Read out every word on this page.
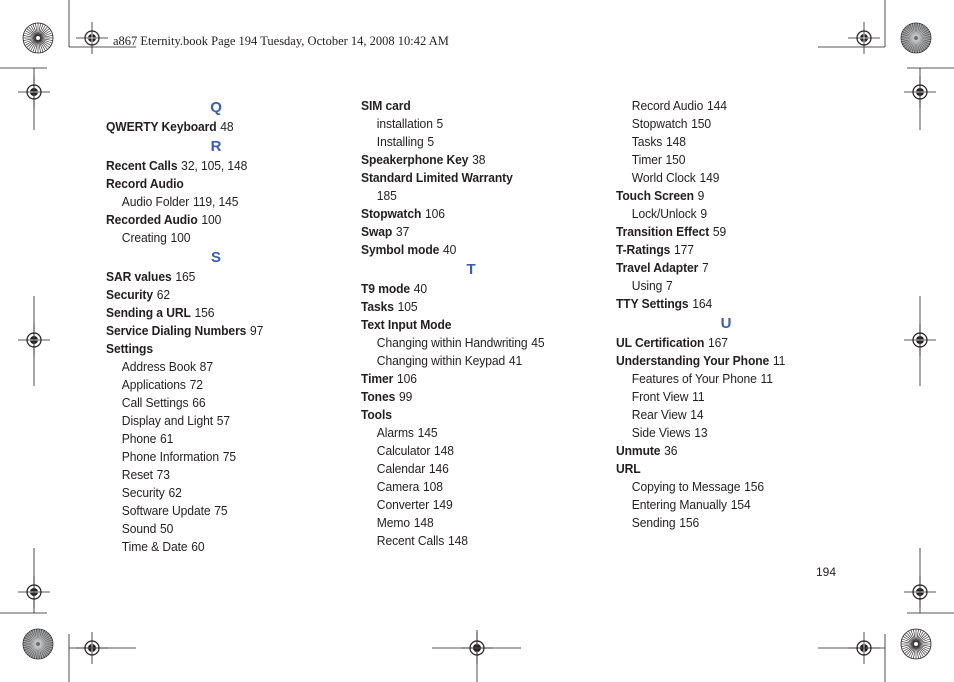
a867 Eternity.book Page 194 Tuesday, October 14, 2008 10:42 AM
Q
QWERTY Keyboard 48
R
Recent Calls 32, 105, 148
Record Audio
Audio Folder 119, 145
Recorded Audio 100
Creating 100
S
SAR values 165
Security 62
Sending a URL 156
Service Dialing Numbers 97
Settings
Address Book 87
Applications 72
Call Settings 66
Display and Light 57
Phone 61
Phone Information 75
Reset 73
Security 62
Software Update 75
Sound 50
Time & Date 60
SIM card
installation 5
Installing 5
Speakerphone Key 38
Standard Limited Warranty
185
Stopwatch 106
Swap 37
Symbol mode 40
T
T9 mode 40
Tasks 105
Text Input Mode
Changing within Handwriting 45
Changing within Keypad 41
Timer 106
Tones 99
Tools
Alarms 145
Calculator 148
Calendar 146
Camera 108
Converter 149
Memo 148
Recent Calls 148
Record Audio 144
Stopwatch 150
Tasks 148
Timer 150
World Clock 149
Touch Screen 9
Lock/Unlock 9
Transition Effect 59
T-Ratings 177
Travel Adapter 7
Using 7
TTY Settings 164
U
UL Certification 167
Understanding Your Phone 11
Features of Your Phone 11
Front View 11
Rear View 14
Side Views 13
Unmute 36
URL
Copying to Message 156
Entering Manually 154
Sending 156
194
